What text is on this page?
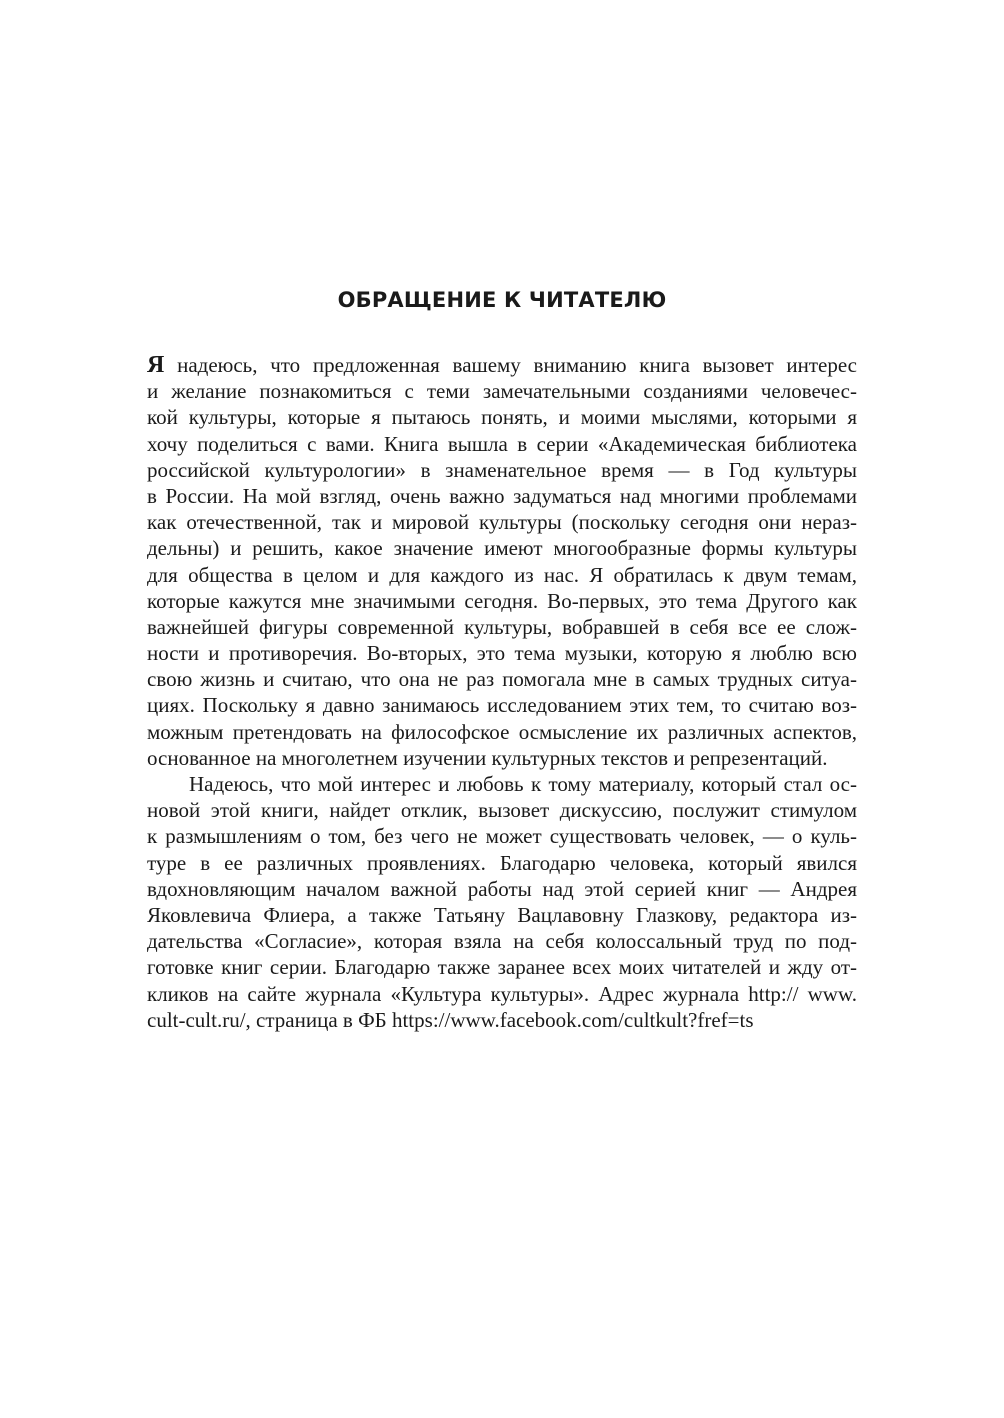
ОБРАЩЕНИЕ К ЧИТАТЕЛЮ
Я надеюсь, что предложенная вашему вниманию книга вызовет интерес
и желание познакомиться с теми замечательными созданиями человечес-
кой культуры, которые я пытаюсь понять, и моими мыслями, которыми я
хочу поделиться с вами. Книга вышла в серии «Академическая библиотека
российской культурологии» в знаменательное время — в Год культуры
в России. На мой взгляд, очень важно задуматься над многими проблемами
как отечественной, так и мировой культуры (поскольку сегодня они нераз-
дельны) и решить, какое значение имеют многообразные формы культуры
для общества в целом и для каждого из нас. Я обратилась к двум темам,
которые кажутся мне значимыми сегодня. Во-первых, это тема Другого как
важнейшей фигуры современной культуры, вобравшей в себя все ее слож-
ности и противоречия. Во-вторых, это тема музыки, которую я люблю всю
свою жизнь и считаю, что она не раз помогала мне в самых трудных ситуа-
циях. Поскольку я давно занимаюсь исследованием этих тем, то считаю воз-
можным претендовать на философское осмысление их различных аспектов,
основанное на многолетнем изучении культурных текстов и репрезентаций.
Надеюсь, что мой интерес и любовь к тому материалу, который стал ос-
новой этой книги, найдет отклик, вызовет дискуссию, послужит стимулом
к размышлениям о том, без чего не может существовать человек, — о куль-
туре в ее различных проявлениях. Благодарю человека, который явился
вдохновляющим началом важной работы над этой серией книг — Андрея
Яковлевича Флиера, а также Татьяну Вацлавовну Глазкову, редактора из-
дательства «Согласие», которая взяла на себя колоссальный труд по под-
готовке книг серии. Благодарю также заранее всех моих читателей и жду от-
кликов на сайте журнала «Культура культуры». Адрес журнала http:// www.
cult-cult.ru/, страница в ФБ https://www.facebook.com/cultkult?fref=ts
